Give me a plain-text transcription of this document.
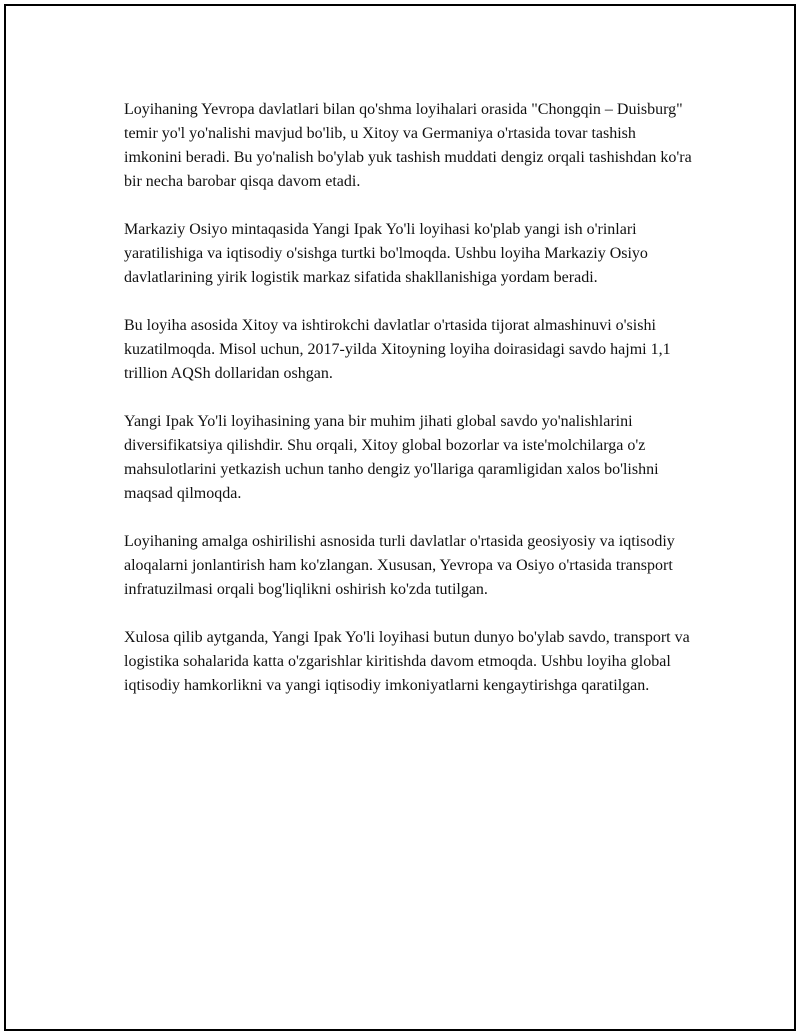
Loyihaning Yevropa davlatlari bilan qo'shma loyihalari orasida "Chongqin – Duisburg" temir yo'l yo'nalishi mavjud bo'lib, u Xitoy va Germaniya o'rtasida tovar tashish imkonini beradi. Bu yo'nalish bo'ylab yuk tashish muddati dengiz orqali tashishdan ko'ra bir necha barobar qisqa davom etadi.

Markaziy Osiyo mintaqasida Yangi Ipak Yo'li loyihasi ko'plab yangi ish o'rinlari yaratilishiga va iqtisodiy o'sishga turtki bo'lmoqda. Ushbu loyiha Markaziy Osiyo davlatlarining yirik logistik markaz sifatida shakllanishiga yordam beradi.

Bu loyiha asosida Xitoy va ishtirokchi davlatlar o'rtasida tijorat almashinuvi o'sishi kuzatilmoqda. Misol uchun, 2017-yilda Xitoyning loyiha doirasidagi savdo hajmi 1,1 trillion AQSh dollaridan oshgan.

Yangi Ipak Yo'li loyihasining yana bir muhim jihati global savdo yo'nalishlarini diversifikatsiya qilishdir. Shu orqali, Xitoy global bozorlar va iste'molchilarga o'z mahsulotlarini yetkazish uchun tanho dengiz yo'llariga qaramligidan xalos bo'lishni maqsad qilmoqda.

Loyihaning amalga oshirilishi asnosida turli davlatlar o'rtasida geosiyosiy va iqtisodiy aloqalarni jonlantirish ham ko'zlangan. Xususan, Yevropa va Osiyo o'rtasida transport infratuzilmasi orqali bog'liqlikni oshirish ko'zda tutilgan.

Xulosa qilib aytganda, Yangi Ipak Yo'li loyihasi butun dunyo bo'ylab savdo, transport va logistika sohalarida katta o'zgarishlar kiritishda davom etmoqda. Ushbu loyiha global iqtisodiy hamkorlikni va yangi iqtisodiy imkoniyatlarni kengaytirishga qaratilgan.
